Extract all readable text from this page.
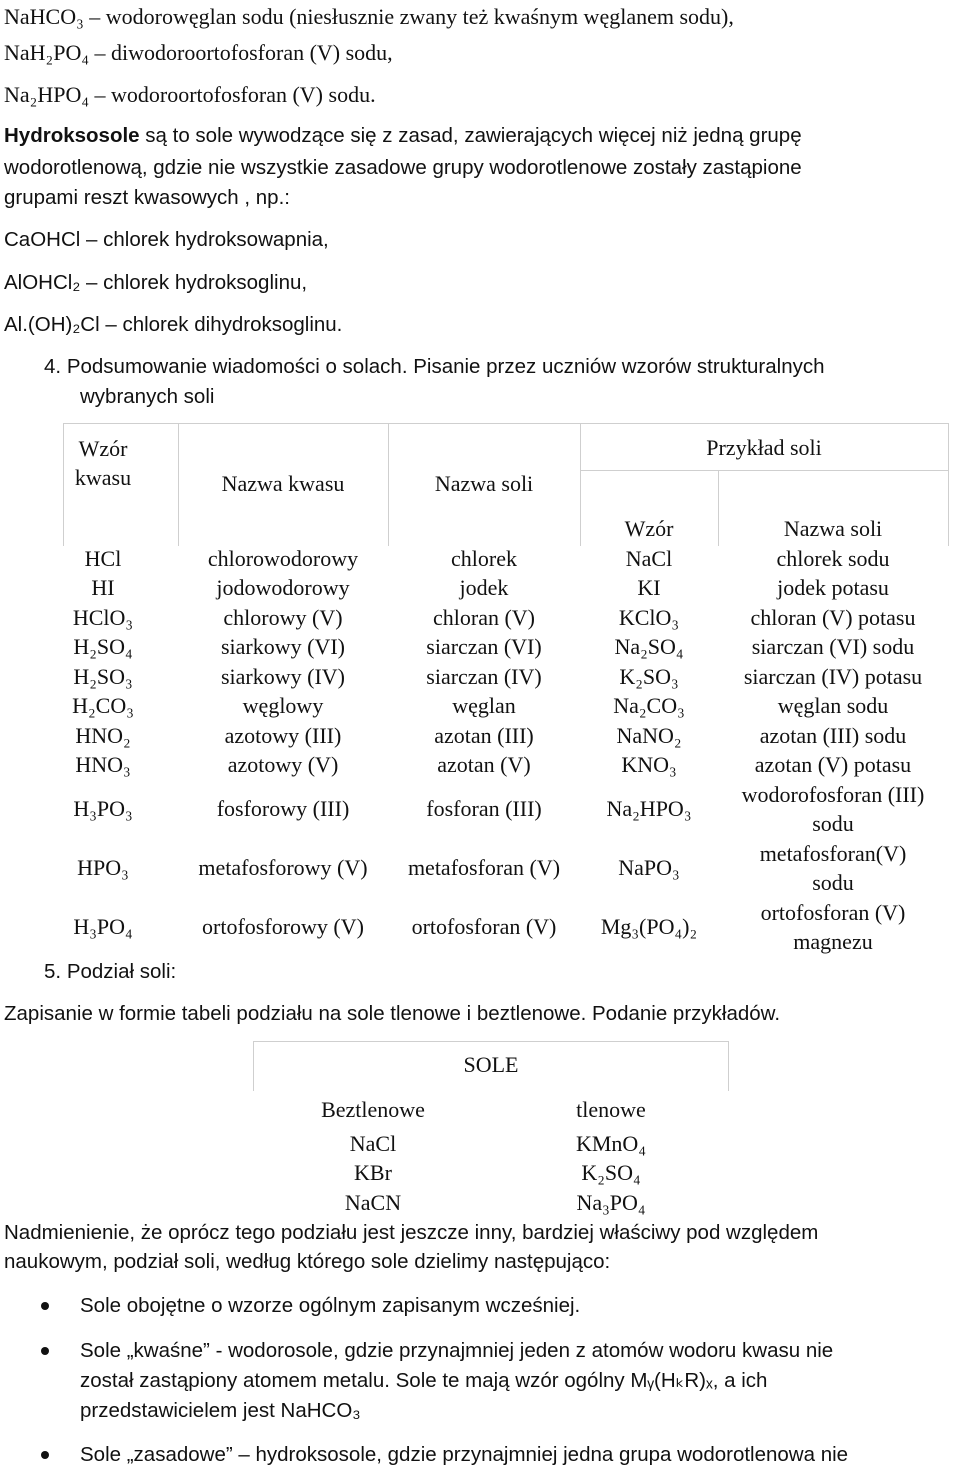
NaHCO₃ – wodorowęglan sodu (niesłusznie zwany też kwaśnym węglanem sodu),
NaH₂PO₄ – diwodoroortofosforan (V) sodu,
Na₂HPO₄ – wodoroortofosforan (V) sodu.
Hydroksosole są to sole wywodzące się z zasad, zawierających więcej niż jedną grupę
wodorotlenową, gdzie nie wszystkie zasadowe grupy wodorotlenowe zostały zastąpione
grupami reszt kwasowych , np.:
CaOHCl – chlorek hydroksowapnia,
AlOHCl₂ – chlorek hydroksoglinu,
Al.(OH)₂Cl – chlorek dihydroksoglinu.
4. Podsumowanie wiadomości o solach. Pisanie przez uczniów wzorów strukturalnych
wybranych soli
Wzór
kwasu	Nazwa kwasu	Nazwa soli
Przykład soli
Wzór	Nazwa soli
HCl	chlorowodorowy	chlorek	NaCl	chlorek sodu
HI	jodowodorowy	jodek	KI	jodek potasu
HClO₃	chlorowy (V)	chloran (V)	KClO₃	chloran (V) potasu
H₂SO₄	siarkowy (VI)	siarczan (VI)	Na₂SO₄	siarczan (VI) sodu
H₂SO₃	siarkowy (IV)	siarczan (IV)	K₂SO₃	siarczan (IV) potasu
H₂CO₃	węglowy	węglan	Na₂CO₃	węglan sodu
HNO₂	azotowy (III)	azotan (III)	NaNO₂	azotan (III) sodu
HNO₃	azotowy (V)	azotan (V)	KNO₃	azotan (V) potasu
H₃PO₃	fosforowy (III)	fosforan (III)	Na₂HPO₃
wodorofosforan (III)
sodu
HPO₃	metafosforowy (V)	metafosforan (V)	NaPO₃
metafosforan(V)
sodu
H₃PO₄	ortofosforowy (V)	ortofosforan (V)	Mg₃(PO₄)₂
ortofosforan (V)
magnezu
5. Podział soli:
Zapisanie w formie tabeli podziału na sole tlenowe i beztlenowe. Podanie przykładów.
SOLE
Beztlenowe	tlenowe
NaCl	KMnO₄
KBr	K₂SO₄
NaCN	Na₃PO₄
Nadmienienie, że oprócz tego podziału jest jeszcze inny, bardziej właściwy pod względem
naukowym, podział soli, według którego sole dzielimy następująco:
Sole obojętne o wzorze ogólnym zapisanym wcześniej.
Sole „kwaśne” - wodorosole, gdzie przynajmniej jeden z atomów wodoru kwasu nie
został zastąpiony atomem metalu. Sole te mają wzór ogólny Mᵧ(HₖR)ₓ, a ich
przedstawicielem jest NaHCO₃
Sole „zasadowe” – hydroksosole, gdzie przynajmniej jedna grupa wodorotlenowa nie
